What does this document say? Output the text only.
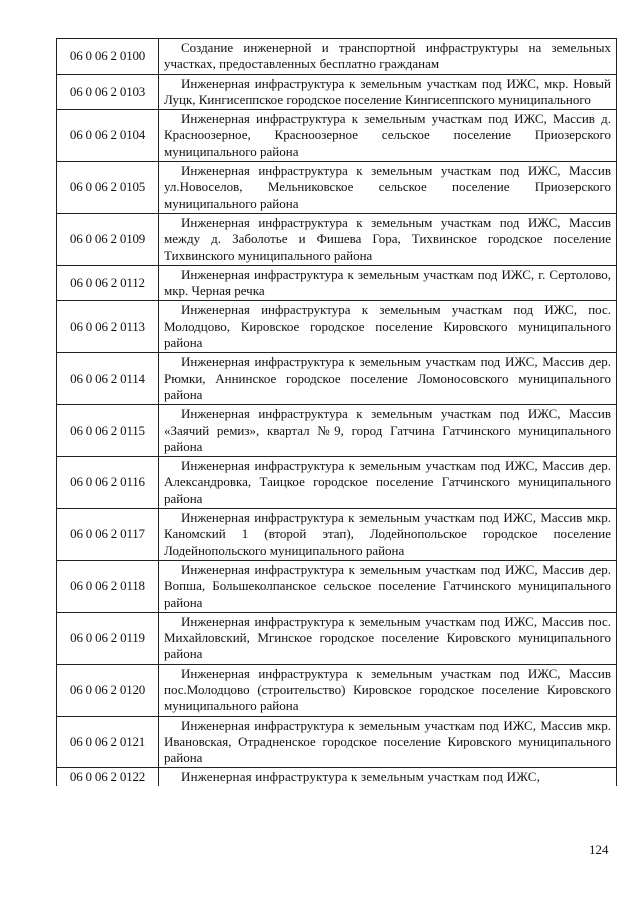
06 0 06 2 0100	Создание инженерной и транспортной инфраструктуры на земельных участках, предоставленных бесплатно гражданам
06 0 06 2 0103	Инженерная инфраструктура к земельным участкам под ИЖС, мкр. Новый Луцк, Кингисеппское городское поселение Кингисеппского муниципального
06 0 06 2 0104	Инженерная инфраструктура к земельным участкам под ИЖС, Массив д. Красноозерное, Красноозерное сельское поселение Приозерского муниципального района
06 0 06 2 0105	Инженерная инфраструктура к земельным участкам под ИЖС, Массив ул.Новоселов, Мельниковское сельское поселение Приозерского муниципального района
06 0 06 2 0109	Инженерная инфраструктура к земельным участкам под ИЖС, Массив между д. Заболотье и Фишева Гора, Тихвинское городское поселение Тихвинского муниципального района
06 0 06 2 0112	Инженерная инфраструктура к земельным участкам под ИЖС, г. Сертолово, мкр. Черная речка
06 0 06 2 0113	Инженерная инфраструктура к земельным участкам под ИЖС, пос. Молодцово, Кировское городское поселение Кировского муниципального района
06 0 06 2 0114	Инженерная инфраструктура к земельным участкам под ИЖС, Массив дер. Рюмки, Аннинское городское поселение Ломоносовского муниципального района
06 0 06 2 0115	Инженерная инфраструктура к земельным участкам под ИЖС, Массив «Заячий ремиз», квартал №9, город Гатчина Гатчинского муниципального района
06 0 06 2 0116	Инженерная инфраструктура к земельным участкам под ИЖС, Массив дер. Александровка, Таицкое городское поселение Гатчинского муниципального района
06 0 06 2 0117	Инженерная инфраструктура к земельным участкам под ИЖС, Массив мкр. Каномский 1 (второй этап), Лодейнопольское городское поселение Лодейнопольского муниципального района
06 0 06 2 0118	Инженерная инфраструктура к земельным участкам под ИЖС, Массив дер. Вопша, Большеколпанское сельское поселение Гатчинского муниципального района
06 0 06 2 0119	Инженерная инфраструктура к земельным участкам под ИЖС, Массив пос. Михайловский, Мгинское городское поселение Кировского муниципального района
06 0 06 2 0120	Инженерная инфраструктура к земельным участкам под ИЖС, Массив пос.Молодцово (строительство) Кировское городское поселение Кировского муниципального района
06 0 06 2 0121	Инженерная инфраструктура к земельным участкам под ИЖС, Массив мкр. Ивановская, Отрадненское городское поселение Кировского муниципального района
06 0 06 2 0122	Инженерная инфраструктура к земельным участкам под ИЖС,
124
